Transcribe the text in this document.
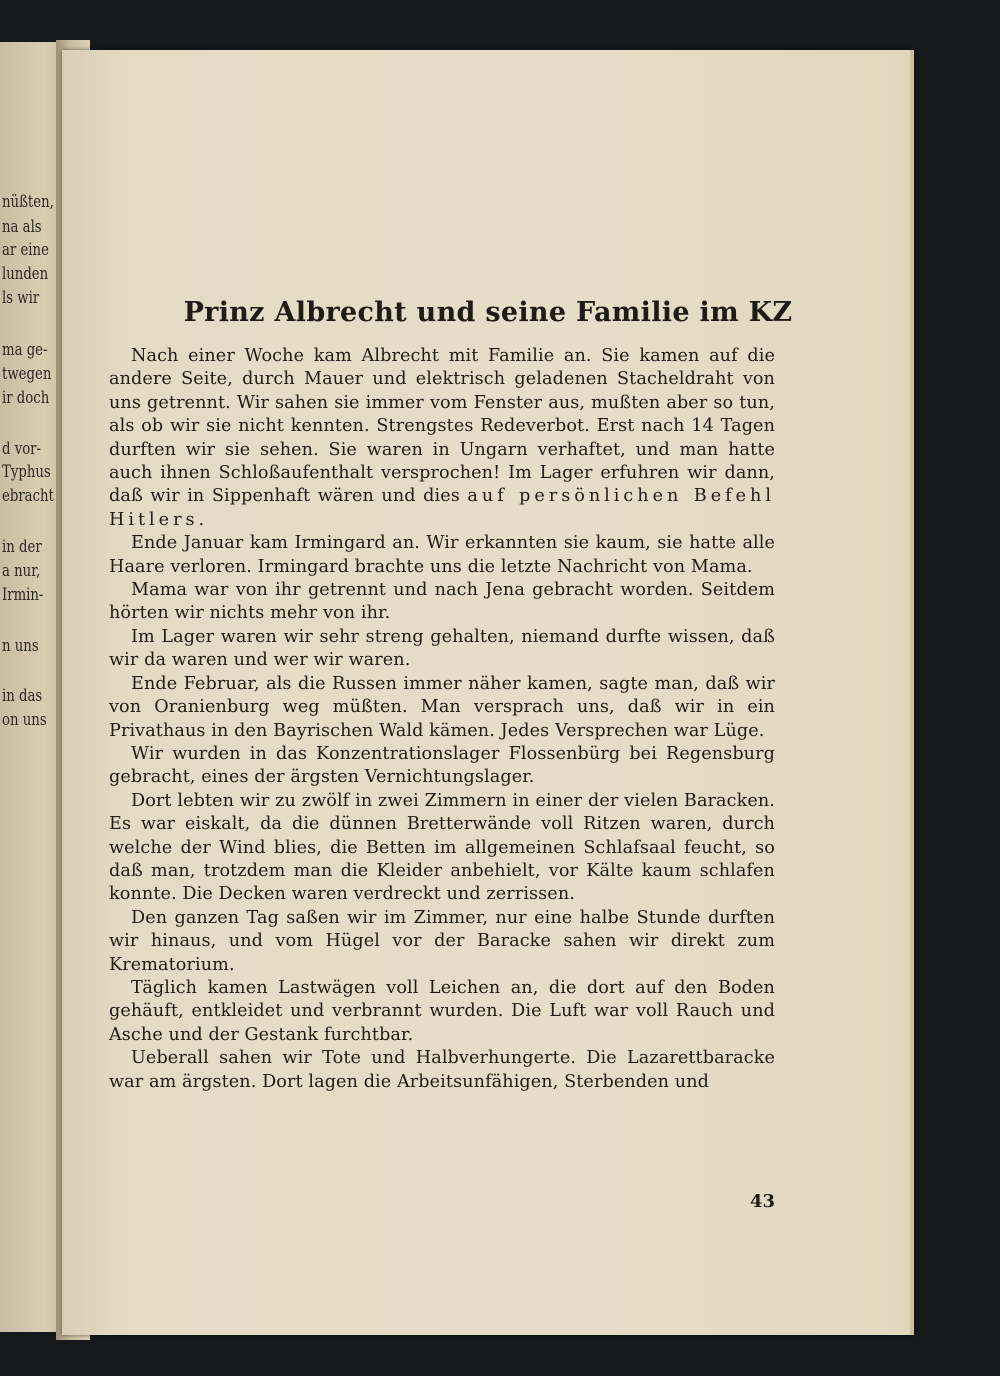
nüßten,
na als
ar eine
lunden
ls wir
ma ge-
twegen
ir doch
d vor-
Typhus
ebracht
in der
a nur,
Irmin-
n uns
in das
on uns
Prinz Albrecht und seine Familie im KZ

Nach einer Woche kam Albrecht mit Familie an. Sie kamen auf die andere Seite, durch Mauer und elektrisch geladenen Stacheldraht von uns getrennt. Wir sahen sie immer vom Fenster aus, mußten aber so tun, als ob wir sie nicht kennten. Strengstes Redeverbot. Erst nach 14 Tagen durften wir sie sehen. Sie waren in Ungarn verhaftet, und man hatte auch ihnen Schloßaufenthalt versprochen! Im Lager erfuhren wir dann, daß wir in Sippenhaft wären und dies auf persönlichen Befehl Hitlers.

Ende Januar kam Irmingard an. Wir erkannten sie kaum, sie hatte alle Haare verloren. Irmingard brachte uns die letzte Nachricht von Mama.

Mama war von ihr getrennt und nach Jena gebracht worden. Seitdem hörten wir nichts mehr von ihr.

Im Lager waren wir sehr streng gehalten, niemand durfte wissen, daß wir da waren und wer wir waren.

Ende Februar, als die Russen immer näher kamen, sagte man, daß wir von Oranienburg weg müßten. Man versprach uns, daß wir in ein Privathaus in den Bayrischen Wald kämen. Jedes Versprechen war Lüge.

Wir wurden in das Konzentrationslager Flossenbürg bei Regensburg gebracht, eines der ärgsten Vernichtungslager.

Dort lebten wir zu zwölf in zwei Zimmern in einer der vielen Baracken. Es war eiskalt, da die dünnen Bretterwände voll Ritzen waren, durch welche der Wind blies, die Betten im allgemeinen Schlafsaal feucht, so daß man, trotzdem man die Kleider anbehielt, vor Kälte kaum schlafen konnte. Die Decken waren verdreckt und zerrissen.

Den ganzen Tag saßen wir im Zimmer, nur eine halbe Stunde durften wir hinaus, und vom Hügel vor der Baracke sahen wir direkt zum Krematorium.

Täglich kamen Lastwägen voll Leichen an, die dort auf den Boden gehäuft, entkleidet und verbrannt wurden. Die Luft war voll Rauch und Asche und der Gestank furchtbar.

Ueberall sahen wir Tote und Halbverhungerte. Die Lazarettbaracke war am ärgsten. Dort lagen die Arbeitsunfähigen, Sterbenden und

43
